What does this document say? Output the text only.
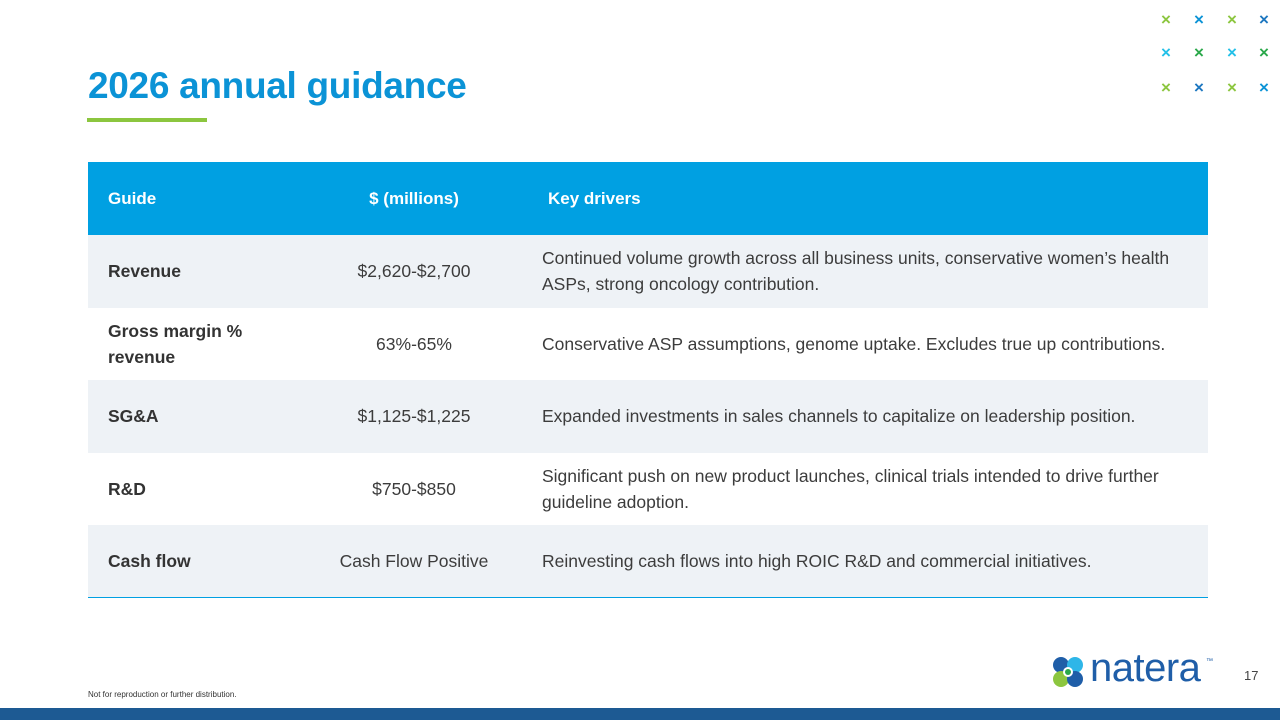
2026 annual guidance
× × × ×
× × × ×
× × × ×
Guide	$ (millions)	Key drivers
Revenue	$2,620-$2,700	Continued volume growth across all business units, conservative women’s health ASPs, strong oncology contribution.
Gross margin % revenue	63%-65%	Conservative ASP assumptions, genome uptake. Excludes true up contributions.
SG&A	$1,125-$1,225	Expanded investments in sales channels to capitalize on leadership position.
R&D	$750-$850	Significant push on new product launches, clinical trials intended to drive further guideline adoption.
Cash flow	Cash Flow Positive	Reinvesting cash flows into high ROIC R&D and commercial initiatives.
natera ™
17
Not for reproduction or further distribution.
